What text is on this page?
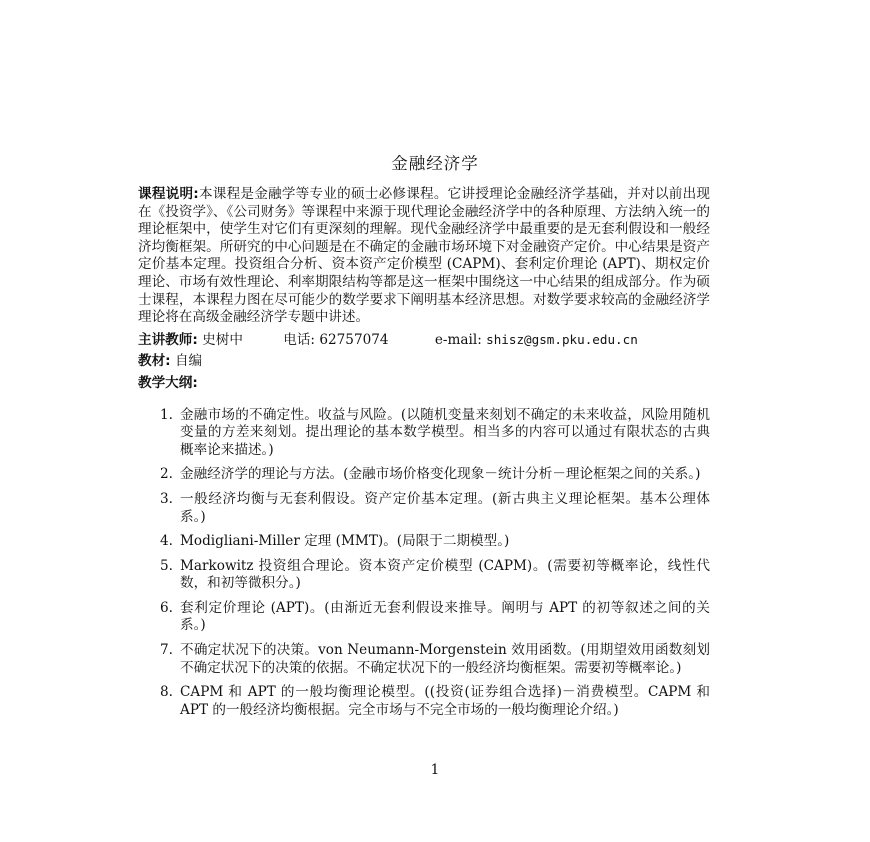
金融经济学

课程说明:本课程是金融学等专业的硕士必修课程。它讲授理论金融经济学基础，并对以前出现在《投资学》、《公司财务》等课程中来源于现代理论金融经济学中的各种原理、方法纳入统一的理论框架中，使学生对它们有更深刻的理解。现代金融经济学中最重要的是无套利假设和一般经济均衡框架。所研究的中心问题是在不确定的金融市场环境下对金融资产定价。中心结果是资产定价基本定理。投资组合分析、资本资产定价模型 (CAPM)、套利定价理论 (APT)、期权定价理论、市场有效性理论、利率期限结构等都是这一框架中围绕这一中心结果的组成部分。作为硕士课程，本课程力图在尽可能少的数学要求下阐明基本经济思想。对数学要求较高的金融经济学理论将在高级金融经济学专题中讲述。

主讲教师: 史树中	电话: 62757074	e-mail: shisz@gsm.pku.edu.cn
教材: 自编
教学大纲:
1. 金融市场的不确定性。收益与风险。(以随机变量来刻划不确定的未来收益，风险用随机变量的方差来刻划。提出理论的基本数学模型。相当多的内容可以通过有限状态的古典概率论来描述。)
2. 金融经济学的理论与方法。(金融市场价格变化现象－统计分析－理论框架之间的关系。)
3. 一般经济均衡与无套利假设。资产定价基本定理。(新古典主义理论框架。基本公理体系。)
4. Modigliani-Miller 定理 (MMT)。(局限于二期模型。)
5. Markowitz 投资组合理论。资本资产定价模型 (CAPM)。(需要初等概率论，线性代数，和初等微积分。)
6. 套利定价理论 (APT)。(由渐近无套利假设来推导。阐明与 APT 的初等叙述之间的关系。)
7. 不确定状况下的决策。von Neumann-Morgenstein 效用函数。(用期望效用函数刻划不确定状况下的决策的依据。不确定状况下的一般经济均衡框架。需要初等概率论。)
8. CAPM 和 APT 的一般均衡理论模型。((投资(证券组合选择)－消费模型。CAPM 和 APT 的一般经济均衡根据。完全市场与不完全市场的一般均衡理论介绍。)
1
